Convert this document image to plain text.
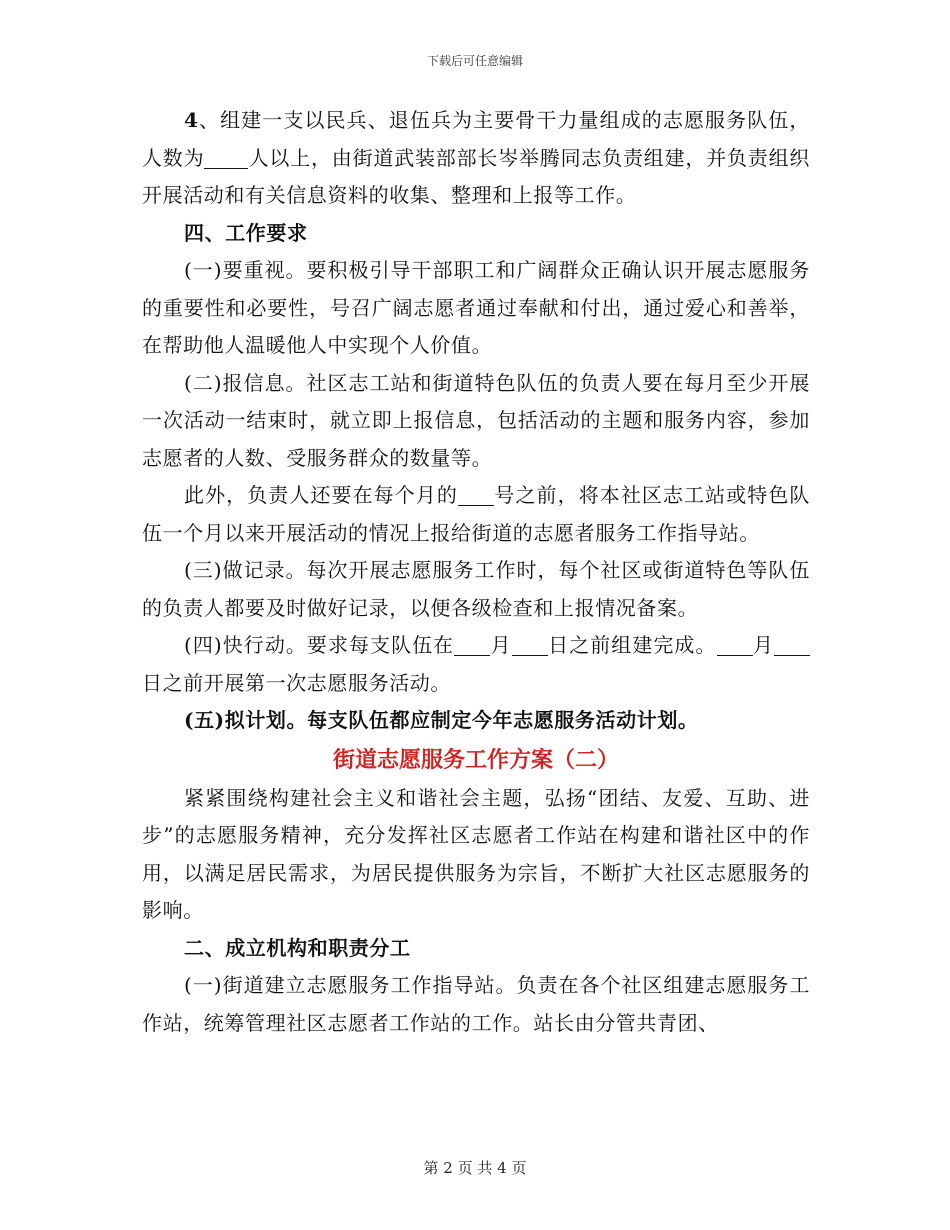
下载后可任意编辑

4、组建一支以民兵、退伍兵为主要骨干力量组成的志愿服务队伍，人数为 人以上，由街道武装部部长岑举腾同志负责组建，并负责组织开展活动和有关信息资料的收集、整理和上报等工作。

四、工作要求

(一)要重视。要积极引导干部职工和广阔群众正确认识开展志愿服务的重要性和必要性，号召广阔志愿者通过奉献和付出，通过爱心和善举，在帮助他人温暖他人中实现个人价值。

(二)报信息。社区志工站和街道特色队伍的负责人要在每月至少开展一次活动一结束时，就立即上报信息，包括活动的主题和服务内容，参加志愿者的人数、受服务群众的数量等。

此外，负责人还要在每个月的 号之前，将本社区志工站或特色队伍一个月以来开展活动的情况上报给街道的志愿者服务工作指导站。

(三)做记录。每次开展志愿服务工作时，每个社区或街道特色等队伍的负责人都要及时做好记录，以便各级检查和上报情况备案。

(四)快行动。要求每支队伍在 月 日之前组建完成。 月日之前开展第一次志愿服务活动。

(五)拟计划。每支队伍都应制定今年志愿服务活动计划。

街道志愿服务工作方案（二）

紧紧围绕构建社会主义和谐社会主题，弘扬“团结、友爱、互助、进步”的志愿服务精神，充分发挥社区志愿者工作站在构建和谐社区中的作用，以满足居民需求，为居民提供服务为宗旨，不断扩大社区志愿服务的影响。

二、成立机构和职责分工

(一)街道建立志愿服务工作指导站。负责在各个社区组建志愿服务工作站，统筹管理社区志愿者工作站的工作。站长由分管共青团、

第 2 页 共 4 页
